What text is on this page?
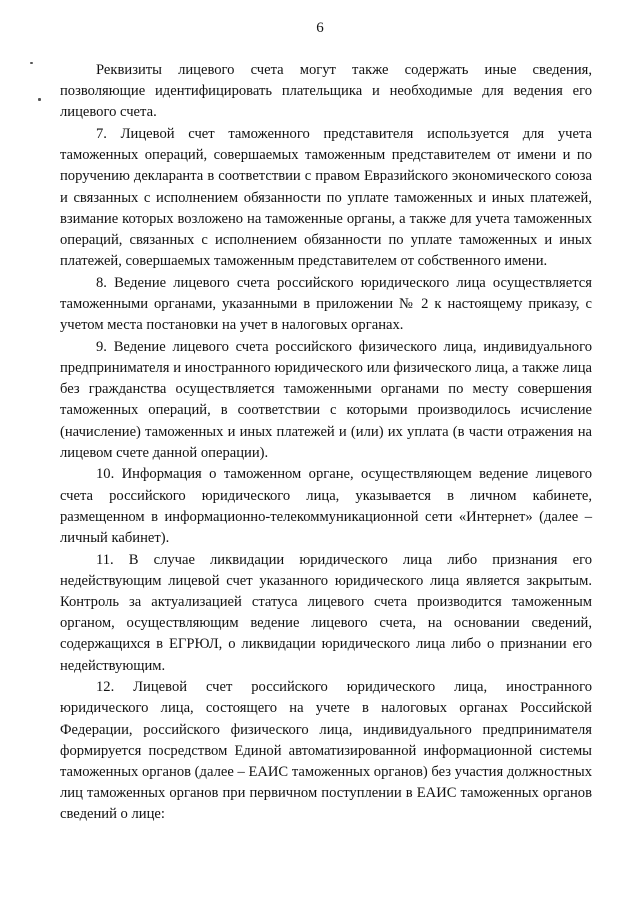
6

Реквизиты лицевого счета могут также содержать иные сведения, позволяющие идентифицировать плательщика и необходимые для ведения его лицевого счета.

7. Лицевой счет таможенного представителя используется для учета таможенных операций, совершаемых таможенным представителем от имени и по поручению декларанта в соответствии с правом Евразийского экономического союза и связанных с исполнением обязанности по уплате таможенных и иных платежей, взимание которых возложено на таможенные органы, а также для учета таможенных операций, связанных с исполнением обязанности по уплате таможенных и иных платежей, совершаемых таможенным представителем от собственного имени.

8. Ведение лицевого счета российского юридического лица осуществляется таможенными органами, указанными в приложении № 2 к настоящему приказу, с учетом места постановки на учет в налоговых органах.

9. Ведение лицевого счета российского физического лица, индивидуального предпринимателя и иностранного юридического или физического лица, а также лица без гражданства осуществляется таможенными органами по месту совершения таможенных операций, в соответствии с которыми производилось исчисление (начисление) таможенных и иных платежей и (или) их уплата (в части отражения на лицевом счете данной операции).

10. Информация о таможенном органе, осуществляющем ведение лицевого счета российского юридического лица, указывается в личном кабинете, размещенном в информационно-телекоммуникационной сети «Интернет» (далее – личный кабинет).

11. В случае ликвидации юридического лица либо признания его недействующим лицевой счет указанного юридического лица является закрытым. Контроль за актуализацией статуса лицевого счета производится таможенным органом, осуществляющим ведение лицевого счета, на основании сведений, содержащихся в ЕГРЮЛ, о ликвидации юридического лица либо о признании его недействующим.

12. Лицевой счет российского юридического лица, иностранного юридического лица, состоящего на учете в налоговых органах Российской Федерации, российского физического лица, индивидуального предпринимателя формируется посредством Единой автоматизированной информационной системы таможенных органов (далее – ЕАИС таможенных органов) без участия должностных лиц таможенных органов при первичном поступлении в ЕАИС таможенных органов сведений о лице:
